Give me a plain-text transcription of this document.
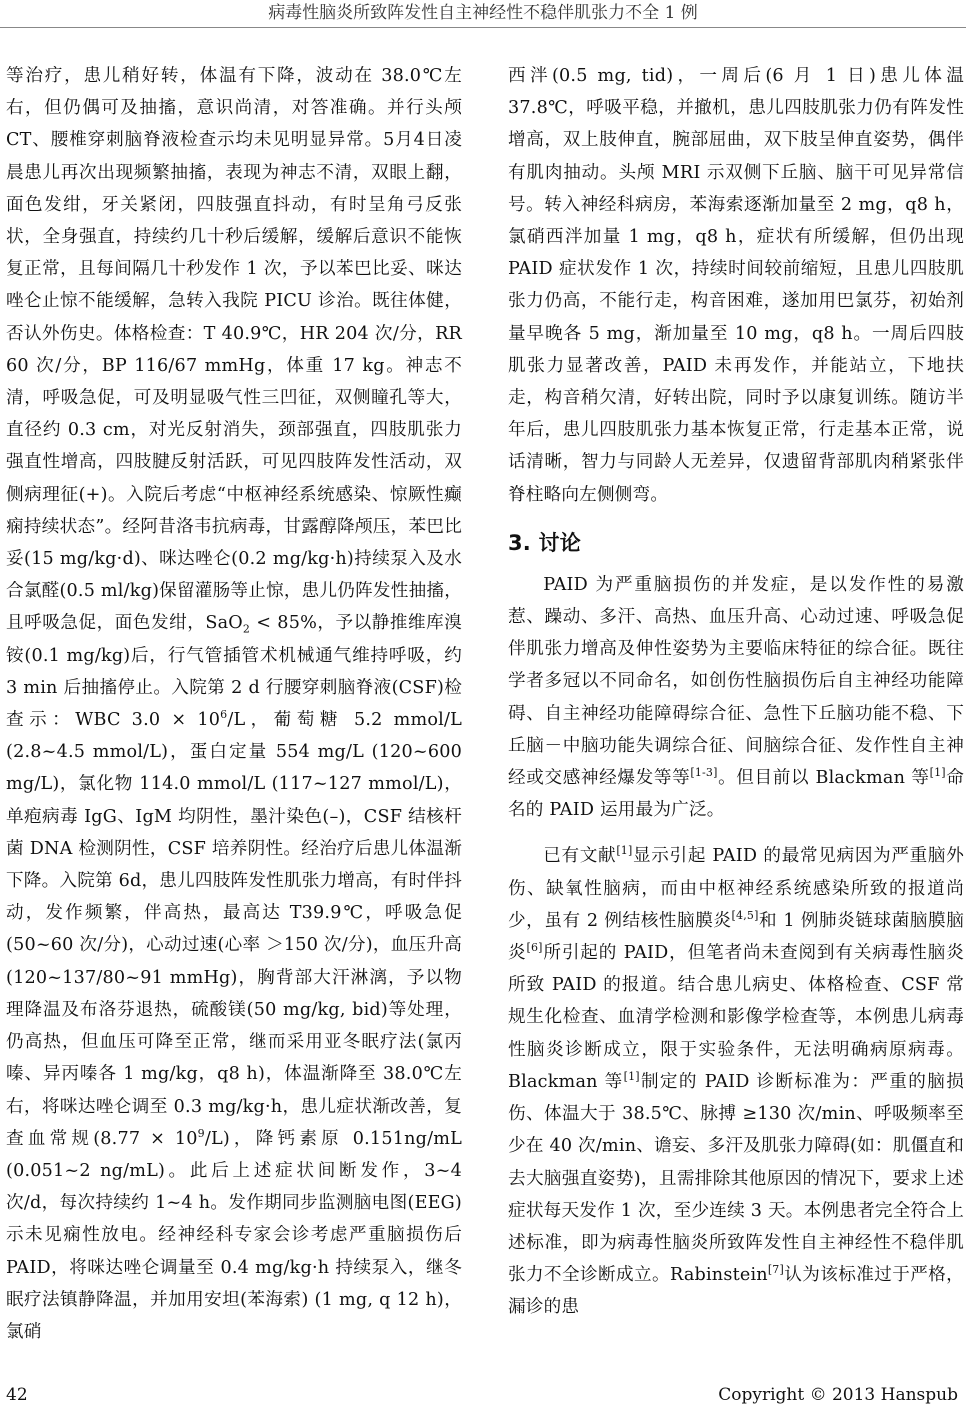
病毒性脑炎所致阵发性自主神经性不稳伴肌张力不全 1 例

等治疗，患儿稍好转，体温有下降，波动在 38.0℃左右，但仍偶可及抽搐，意识尚清，对答准确。并行头颅 CT、腰椎穿刺脑脊液检查示均未见明显异常。5月4日凌晨患儿再次出现频繁抽搐，表现为神志不清，双眼上翻，面色发绀，牙关紧闭，四肢强直抖动，有时呈角弓反张状，全身强直，持续约几十秒后缓解，缓解后意识不能恢复正常，且每间隔几十秒发作 1 次，予以苯巴比妥、咪达唑仑止惊不能缓解，急转入我院 PICU 诊治。既往体健，否认外伤史。体格检查：T 40.9℃，HR 204 次/分，RR 60 次/分，BP 116/67 mmHg，体重 17 kg。神志不清，呼吸急促，可及明显吸气性三凹征，双侧瞳孔等大，直径约 0.3 cm，对光反射消失，颈部强直，四肢肌张力强直性增高，四肢腱反射活跃，可见四肢阵发性活动，双侧病理征(+)。入院后考虑“中枢神经系统感染、惊厥性癫痫持续状态”。经阿昔洛韦抗病毒，甘露醇降颅压，苯巴比妥(15 mg/kg·d)、咪达唑仑(0.2 mg/kg·h)持续泵入及水合氯醛(0.5 ml/kg)保留灌肠等止惊，患儿仍阵发性抽搐，且呼吸急促，面色发绀，SaO$_2$ < 85%，予以静推维库溴铵(0.1 mg/kg)后，行气管插管术机械通气维持呼吸，约 3 min 后抽搐停止。入院第 2 d 行腰穿刺脑脊液(CSF)检查示：WBC $3.0 \times 10^6/L$，葡萄糖 5.2 mmol/L (2.8~4.5 mmol/L)，蛋白定量 554 mg/L (120~600 mg/L)，氯化物 114.0 mmol/L (117~127 mmol/L)，单疱病毒 IgG、IgM 均阴性，墨汁染色(–)，CSF 结核杆菌 DNA 检测阴性，CSF 培养阴性。经治疗后患儿体温渐下降。入院第 6d，患儿四肢阵发性肌张力增高，有时伴抖动，发作频繁，伴高热，最高达 T39.9℃，呼吸急促(50~60 次/分)，心动过速(心率 ＞150 次/分)，血压升高(120~137/80~91 mmHg)，胸背部大汗淋漓，予以物理降温及布洛芬退热，硫酸镁(50 mg/kg, bid)等处理，仍高热，但血压可降至正常，继而采用亚冬眠疗法(氯丙嗪、异丙嗪各 1 mg/kg，q8 h)，体温渐降至 38.0℃左右，将咪达唑仑调至 0.3 mg/kg·h，患儿症状渐改善，复查血常规$(8.77 \times 10^9/L)$，降钙素原 0.151ng/mL (0.051~2 ng/mL)。此后上述症状间断发作，3~4 次/d，每次持续约 1~4 h。发作期同步监测脑电图(EEG)示未见痫性放电。经神经科专家会诊考虑严重脑损伤后 PAID，将咪达唑仑调量至 0.4 mg/kg·h 持续泵入，继冬眠疗法镇静降温，并加用安坦(苯海索) (1 mg, q 12 h)，氯硝

西泮(0.5 mg, tid)，一周后(6 月 1 日)患儿体温 37.8℃，呼吸平稳，并撤机，患儿四肢肌张力仍有阵发性增高，双上肢伸直，腕部屈曲，双下肢呈伸直姿势，偶伴有肌肉抽动。头颅 MRI 示双侧下丘脑、脑干可见异常信号。转入神经科病房，苯海索逐渐加量至 2 mg，q8 h，氯硝西泮加量 1 mg，q8 h，症状有所缓解，但仍出现 PAID 症状发作 1 次，持续时间较前缩短，且患儿四肢肌张力仍高，不能行走，构音困难，遂加用巴氯芬，初始剂量早晚各 5 mg，渐加量至 10 mg，q8 h。一周后四肢肌张力显著改善，PAID 未再发作，并能站立，下地扶走，构音稍欠清，好转出院，同时予以康复训练。随访半年后，患儿四肢肌张力基本恢复正常，行走基本正常，说话清晰，智力与同龄人无差异，仅遗留背部肌肉稍紧张伴脊柱略向左侧侧弯。

3. 讨论

PAID 为严重脑损伤的并发症，是以发作性的易激惹、躁动、多汗、高热、血压升高、心动过速、呼吸急促伴肌张力增高及伸性姿势为主要临床特征的综合征。既往学者多冠以不同命名，如创伤性脑损伤后自主神经功能障碍、自主神经功能障碍综合征、急性下丘脑功能不稳、下丘脑－中脑功能失调综合征、间脑综合征、发作性自主神经或交感神经爆发等等[1-3]。但目前以 Blackman 等[1]命名的 PAID 运用最为广泛。

已有文献[1]显示引起 PAID 的最常见病因为严重脑外伤、缺氧性脑病，而由中枢神经系统感染所致的报道尚少，虽有 2 例结核性脑膜炎[4,5]和 1 例肺炎链球菌脑膜脑炎[6]所引起的 PAID，但笔者尚未查阅到有关病毒性脑炎所致 PAID 的报道。结合患儿病史、体格检查、CSF 常规生化检查、血清学检测和影像学检查等，本例患儿病毒性脑炎诊断成立，限于实验条件，无法明确病原病毒。Blackman 等[1]制定的 PAID 诊断标准为：严重的脑损伤、体温大于 38.5℃、脉搏 ≥130 次/min、呼吸频率至少在 40 次/min、谵妄、多汗及肌张力障碍(如：肌僵直和去大脑强直姿势)，且需排除其他原因的情况下，要求上述症状每天发作 1 次，至少连续 3 天。本例患者完全符合上述标准，即为病毒性脑炎所致阵发性自主神经性不稳伴肌张力不全诊断成立。Rabinstein[7]认为该标准过于严格，漏诊的患

42	Copyright © 2013 Hanspub
